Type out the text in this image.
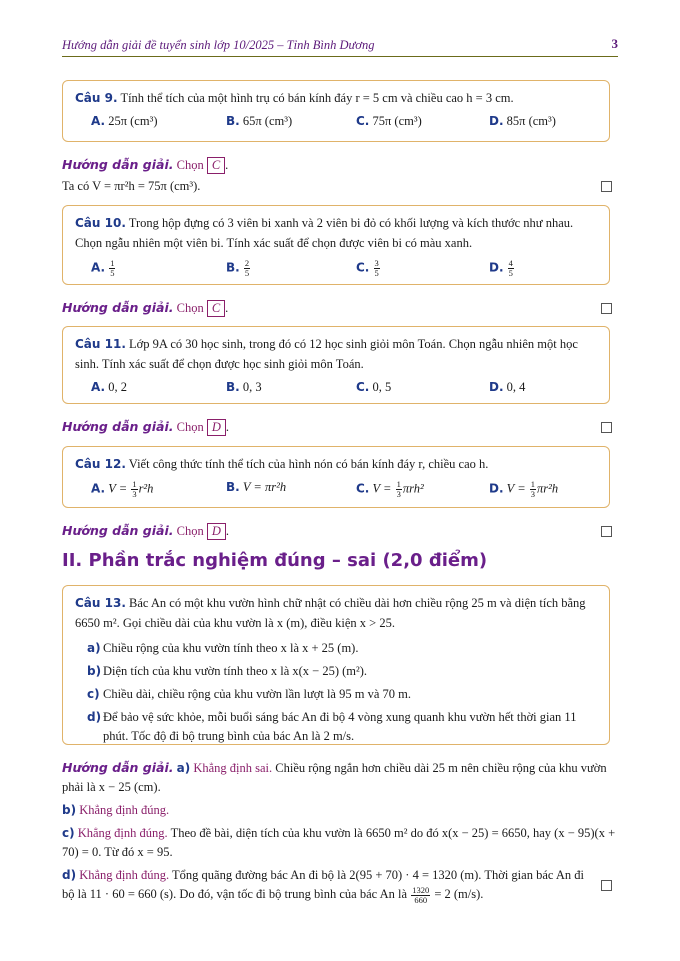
Hướng dẫn giải đề tuyển sinh lớp 10/2025 – Tỉnh Bình Dương	3
Câu 9. Tính thể tích của một hình trụ có bán kính đáy r = 5 cm và chiều cao h = 3 cm.
A. 25π (cm³)	B. 65π (cm³)	C. 75π (cm³)	D. 85π (cm³)
Hướng dẫn giải. Chọn C .
Ta có V = πr²h = 75π (cm³).
Câu 10. Trong hộp đựng có 3 viên bi xanh và 2 viên bi đỏ có khối lượng và kích thước như nhau. Chọn ngẫu nhiên một viên bi. Tính xác suất để chọn được viên bi có màu xanh.
A. $\frac{1}{5}$	B. $\frac{2}{5}$	C. $\frac{3}{5}$	D. $\frac{4}{5}$
Hướng dẫn giải. Chọn C .
Câu 11. Lớp 9A có 30 học sinh, trong đó có 12 học sinh giỏi môn Toán. Chọn ngẫu nhiên một học sinh. Tính xác suất để chọn được học sinh giỏi môn Toán.
A. 0, 2	B. 0, 3	C. 0, 5	D. 0, 4
Hướng dẫn giải. Chọn D .
Câu 12. Viết công thức tính thể tích của hình nón có bán kính đáy r, chiều cao h.
A. $V = \frac{1}{3} r^2h$	B. V = πr²h	C. $V = \frac{1}{3} \pi rh^2$	D. $V = \frac{1}{3} \pi r^2h$
Hướng dẫn giải. Chọn D .
II. Phần trắc nghiệm đúng – sai (2,0 điểm)
Câu 13. Bác An có một khu vườn hình chữ nhật có chiều dài hơn chiều rộng 25 m và diện tích bằng 6650 m². Gọi chiều dài của khu vườn là x (m), điều kiện x > 25.
a) Chiều rộng của khu vườn tính theo x là x + 25 (m).
b) Diện tích của khu vườn tính theo x là x(x − 25) (m²).
c) Chiều dài, chiều rộng của khu vườn lần lượt là 95 m và 70 m.
d) Để bảo vệ sức khỏe, mỗi buổi sáng bác An đi bộ 4 vòng xung quanh khu vườn hết thời gian 11 phút. Tốc độ đi bộ trung bình của bác An là 2 m/s.
Hướng dẫn giải. a) Khẳng định sai. Chiều rộng ngắn hơn chiều dài 25 m nên chiều rộng của khu vườn phải là x − 25 (cm).
b) Khẳng định đúng.
c) Khẳng định đúng. Theo đề bài, diện tích của khu vườn là 6650 m² do đó x(x − 25) = 6650, hay (x − 95)(x + 70) = 0. Từ đó x = 95.
d) Khẳng định đúng. Tổng quãng đường bác An đi bộ là 2(95 + 70) · 4 = 1320 (m). Thời gian bác An đi bộ là 11 · 60 = 660 (s). Do đó, vận tốc đi bộ trung bình của bác An là $\frac{1320}{660} = 2$ (m/s).
